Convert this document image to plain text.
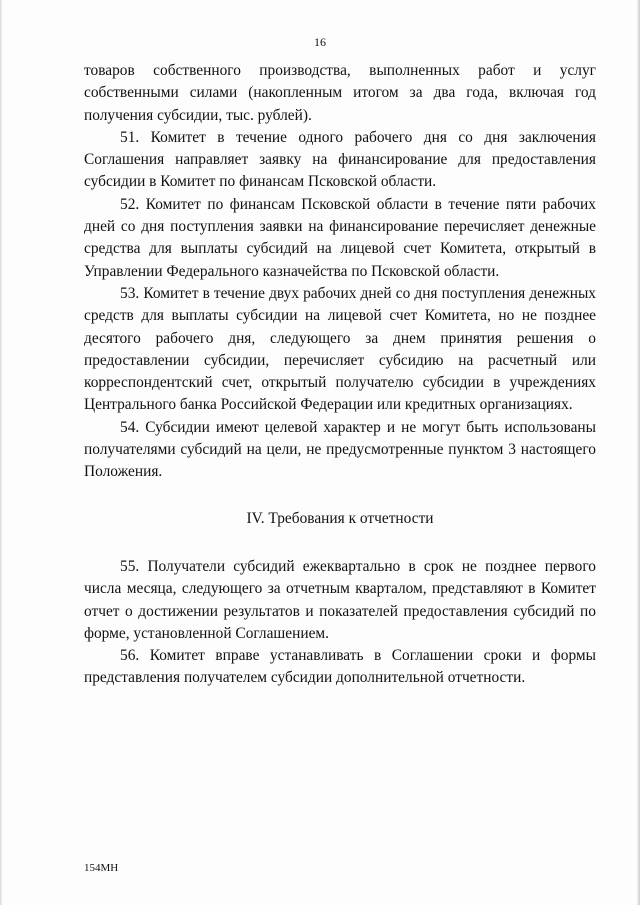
16

товаров собственного производства, выполненных работ и услуг собственными силами (накопленным итогом за два года, включая год получения субсидии, тыс. рублей).

51. Комитет в течение одного рабочего дня со дня заключения Соглашения направляет заявку на финансирование для предоставления субсидии в Комитет по финансам Псковской области.

52. Комитет по финансам Псковской области в течение пяти рабочих дней со дня поступления заявки на финансирование перечисляет денежные средства для выплаты субсидий на лицевой счет Комитета, открытый в Управлении Федерального казначейства по Псковской области.

53. Комитет в течение двух рабочих дней со дня поступления денежных средств для выплаты субсидии на лицевой счет Комитета, но не позднее десятого рабочего дня, следующего за днем принятия решения о предоставлении субсидии, перечисляет субсидию на расчетный или корреспондентский счет, открытый получателю субсидии в учреждениях Центрального банка Российской Федерации или кредитных организациях.

54. Субсидии имеют целевой характер и не могут быть использованы получателями субсидий на цели, не предусмотренные пунктом 3 настоящего Положения.

IV. Требования к отчетности

55. Получатели субсидий ежеквартально в срок не позднее первого числа месяца, следующего за отчетным кварталом, представляют в Комитет отчет о достижении результатов и показателей предоставления субсидий по форме, установленной Соглашением.

56. Комитет вправе устанавливать в Соглашении сроки и формы представления получателем субсидии дополнительной отчетности.

154МН
